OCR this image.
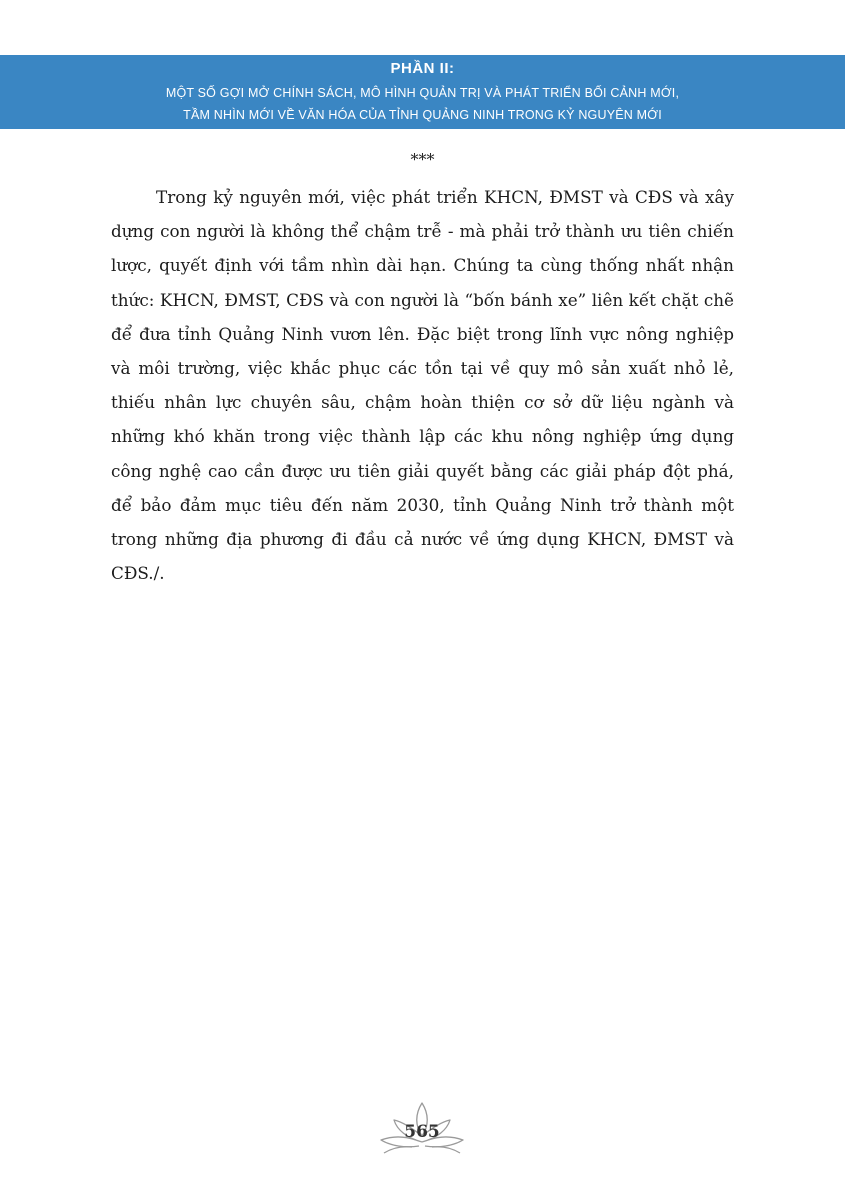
PHẦN II:
MỘT SỐ GỢI MỞ CHÍNH SÁCH, MÔ HÌNH QUẢN TRỊ VÀ PHÁT TRIỂN BỐI CẢNH MỚI,
TẦM NHÌN MỚI VỀ VĂN HÓA CỦA TỈNH QUẢNG NINH TRONG KỶ NGUYÊN MỚI
***

Trong kỷ nguyên mới, việc phát triển KHCN, ĐMST và CĐS và xây dựng con người là không thể chậm trễ - mà phải trở thành ưu tiên chiến lược, quyết định với tầm nhìn dài hạn. Chúng ta cùng thống nhất nhận thức: KHCN, ĐMST, CĐS và con người là “bốn bánh xe” liên kết chặt chẽ để đưa tỉnh Quảng Ninh vươn lên. Đặc biệt trong lĩnh vực nông nghiệp và môi trường, việc khắc phục các tồn tại về quy mô sản xuất nhỏ lẻ, thiếu nhân lực chuyên sâu, chậm hoàn thiện cơ sở dữ liệu ngành và những khó khăn trong việc thành lập các khu nông nghiệp ứng dụng công nghệ cao cần được ưu tiên giải quyết bằng các giải pháp đột phá, để bảo đảm mục tiêu đến năm 2030, tỉnh Quảng Ninh trở thành một trong những địa phương đi đầu cả nước về ứng dụng KHCN, ĐMST và CĐS./.

565
